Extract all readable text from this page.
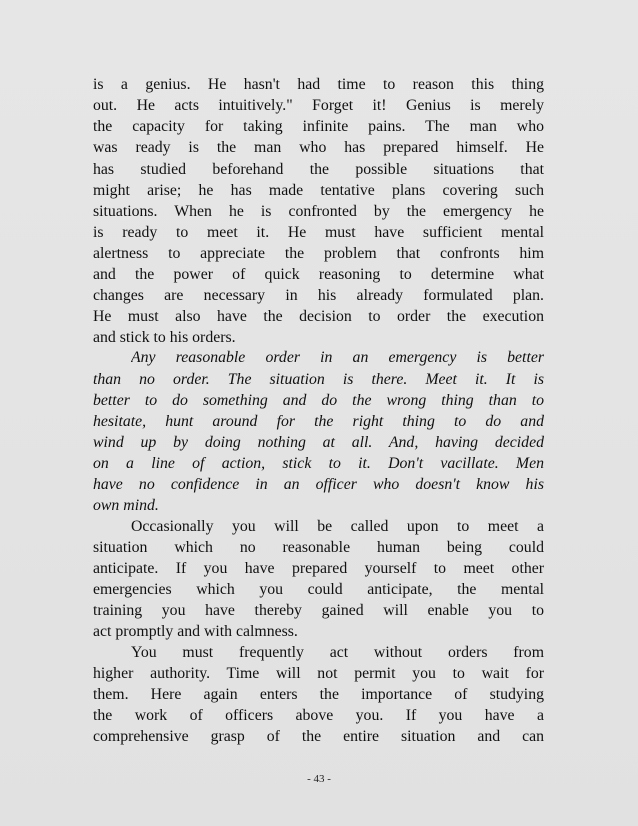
is a genius. He hasn't had time to reason this thing

out. He acts intuitively." Forget it! Genius is merely

the capacity for taking infinite pains. The man who

was ready is the man who has prepared himself. He

has studied beforehand the possible situations that

might arise; he has made tentative plans covering such

situations. When he is confronted by the emergency he

is ready to meet it. He must have sufficient mental

alertness to appreciate the problem that confronts him

and the power of quick reasoning to determine what

changes are necessary in his already formulated plan.

He must also have the decision to order the execution

and stick to his orders.

Any reasonable order in an emergency is better

than no order. The situation is there. Meet it. It is

better to do something and do the wrong thing than to

hesitate, hunt around for the right thing to do and

wind up by doing nothing at all. And, having decided

on a line of action, stick to it. Don't vacillate. Men

have no confidence in an officer who doesn't know his

own mind.

Occasionally you will be called upon to meet a

situation which no reasonable human being could

anticipate. If you have prepared yourself to meet other

emergencies which you could anticipate, the mental

training you have thereby gained will enable you to

act promptly and with calmness.

You must frequently act without orders from

higher authority. Time will not permit you to wait for

them. Here again enters the importance of studying

the work of officers above you. If you have a

comprehensive grasp of the entire situation and can

- 43 -
